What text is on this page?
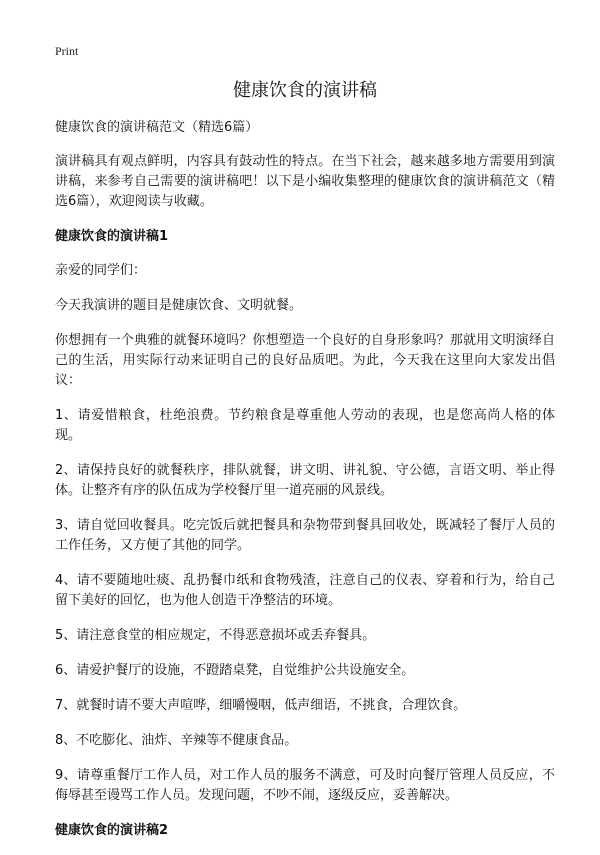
Print
健康饮食的演讲稿
健康饮食的演讲稿范文（精选6篇）
演讲稿具有观点鲜明，内容具有鼓动性的特点。在当下社会，越来越多地方需要用到演讲稿，来参考自己需要的演讲稿吧！以下是小编收集整理的健康饮食的演讲稿范文（精选6篇），欢迎阅读与收藏。
健康饮食的演讲稿1
亲爱的同学们：
今天我演讲的题目是健康饮食、文明就餐。
你想拥有一个典雅的就餐环境吗？你想塑造一个良好的自身形象吗？那就用文明演绎自己的生活，用实际行动来证明自己的良好品质吧。为此，今天我在这里向大家发出倡议：
1、请爱惜粮食，杜绝浪费。节约粮食是尊重他人劳动的表现，也是您高尚人格的体现。
2、请保持良好的就餐秩序，排队就餐，讲文明、讲礼貌、守公德，言语文明、举止得体。让整齐有序的队伍成为学校餐厅里一道亮丽的风景线。
3、请自觉回收餐具。吃完饭后就把餐具和杂物带到餐具回收处，既减轻了餐厅人员的工作任务，又方便了其他的同学。
4、请不要随地吐痰、乱扔餐巾纸和食物残渣，注意自己的仪表、穿着和行为，给自己留下美好的回忆，也为他人创造干净整洁的环境。
5、请注意食堂的相应规定，不得恶意损坏或丢弃餐具。
6、请爱护餐厅的设施，不蹬踏桌凳，自觉维护公共设施安全。
7、就餐时请不要大声喧哗，细嚼慢咽，低声细语，不挑食，合理饮食。
8、不吃膨化、油炸、辛辣等不健康食品。
9、请尊重餐厅工作人员，对工作人员的服务不满意，可及时向餐厅管理人员反应，不侮辱甚至谩骂工作人员。发现问题，不吵不闹，逐级反应，妥善解决。
健康饮食的演讲稿2
